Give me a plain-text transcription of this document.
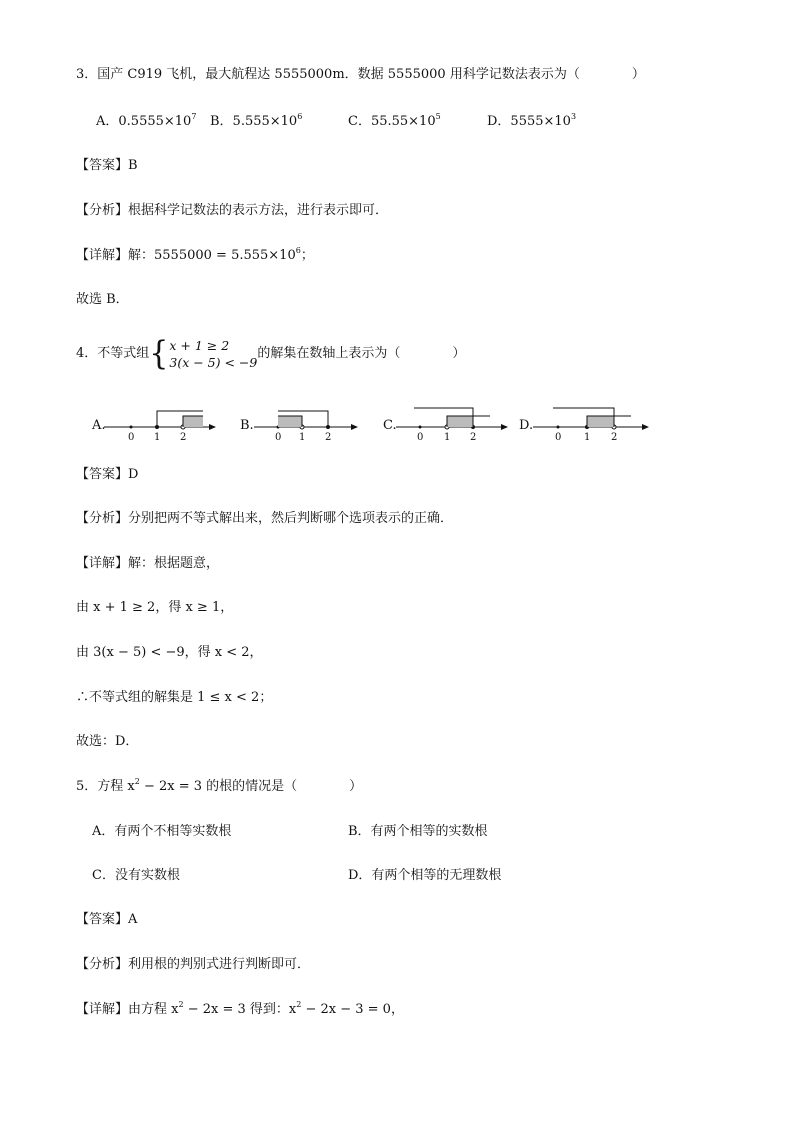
3．国产 C919 飞机，最大航程达 5555000m．数据 5555000 用科学记数法表示为（　　　　）
A．$0.5555\times 10^7$ B．$5.555\times 10^6$	C．$55.55\times 10^5$	D．$5555\times 10^3$
【答案】B
【分析】根据科学记数法的表示方法，进行表示即可．
【详解】解：$5555000 = 5.555\times 10^6$；
故选 B．
4．不等式组{x + 1 ≥ 2
3(x − 5) < −9的解集在数轴上表示为（　　　　）
A.
0 1 2
B.
0 1 2
C.
0 1 2
D.
0 1 2
【答案】D
【分析】分别把两不等式解出来，然后判断哪个选项表示的正确．
【详解】解：根据题意，
由 x + 1 ≥ 2，得 x ≥ 1，
由 3(x − 5) < −9，得 x < 2，
∴不等式组的解集是 1 ≤ x < 2；
故选：D．
5．方程 $x^2 - 2x = 3$ 的根的情况是（　　　　）
A．有两个不相等实数根	B．有两个相等的实数根
C．没有实数根	D．有两个相等的无理数根
【答案】A
【分析】利用根的判别式进行判断即可．
【详解】由方程 $x^2 - 2x = 3$ 得到：$x^2 - 2x - 3 = 0$，
